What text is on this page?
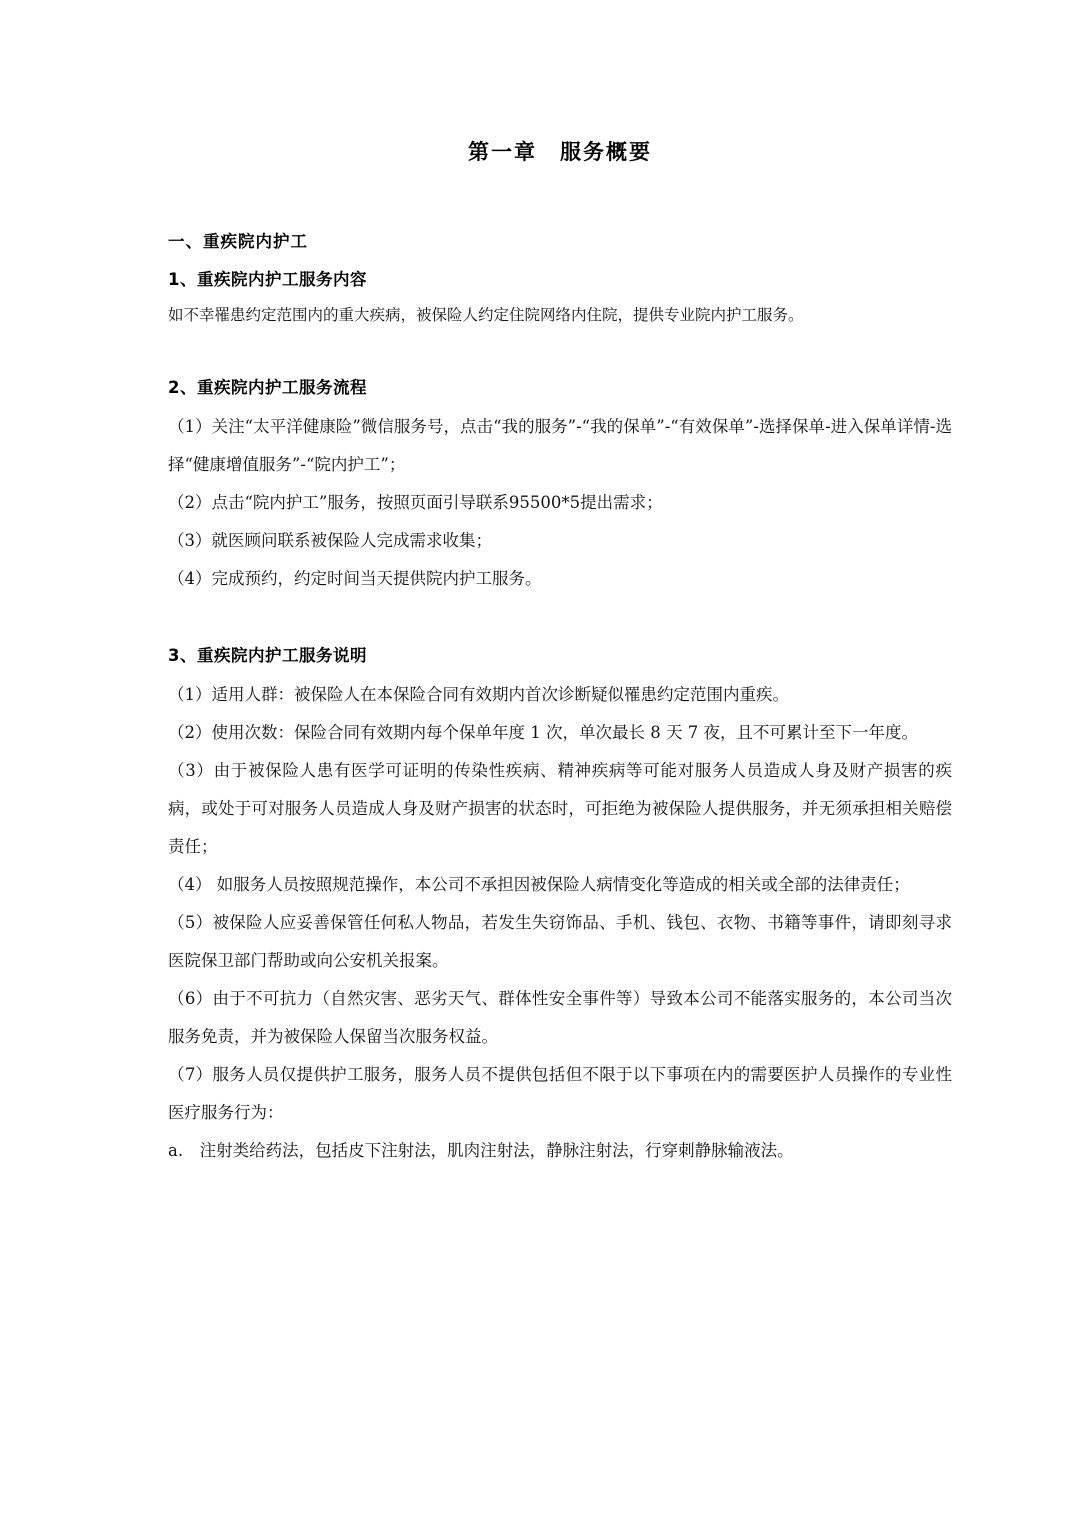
第一章　服务概要
一、重疾院内护工
1、重疾院内护工服务内容

如不幸罹患约定范围内的重大疾病，被保险人约定住院网络内住院，提供专业院内护工服务。

2、重疾院内护工服务流程

（1）关注“太平洋健康险”微信服务号，点击“我的服务”-“我的保单”-“有效保单”-选择保单-进入保单详情-选择“健康增值服务”-“院内护工”；

（2）点击“院内护工”服务，按照页面引导联系95500*5提出需求；

（3）就医顾问联系被保险人完成需求收集；

（4）完成预约，约定时间当天提供院内护工服务。

3、重疾院内护工服务说明

（1）适用人群：被保险人在本保险合同有效期内首次诊断疑似罹患约定范围内重疾。

（2）使用次数：保险合同有效期内每个保单年度 1 次，单次最长 8 天 7 夜，且不可累计至下一年度。

（3）由于被保险人患有医学可证明的传染性疾病、精神疾病等可能对服务人员造成人身及财产损害的疾病，或处于可对服务人员造成人身及财产损害的状态时，可拒绝为被保险人提供服务，并无须承担相关赔偿责任；

（4） 如服务人员按照规范操作，本公司不承担因被保险人病情变化等造成的相关或全部的法律责任；

（5）被保险人应妥善保管任何私人物品，若发生失窃饰品、手机、钱包、衣物、书籍等事件，请即刻寻求医院保卫部门帮助或向公安机关报案。

（6）由于不可抗力（自然灾害、恶劣天气、群体性安全事件等）导致本公司不能落实服务的，本公司当次服务免责，并为被保险人保留当次服务权益。

（7）服务人员仅提供护工服务，服务人员不提供包括但不限于以下事项在内的需要医护人员操作的专业性医疗服务行为：

a.　注射类给药法，包括皮下注射法，肌肉注射法，静脉注射法，行穿刺静脉输液法。
